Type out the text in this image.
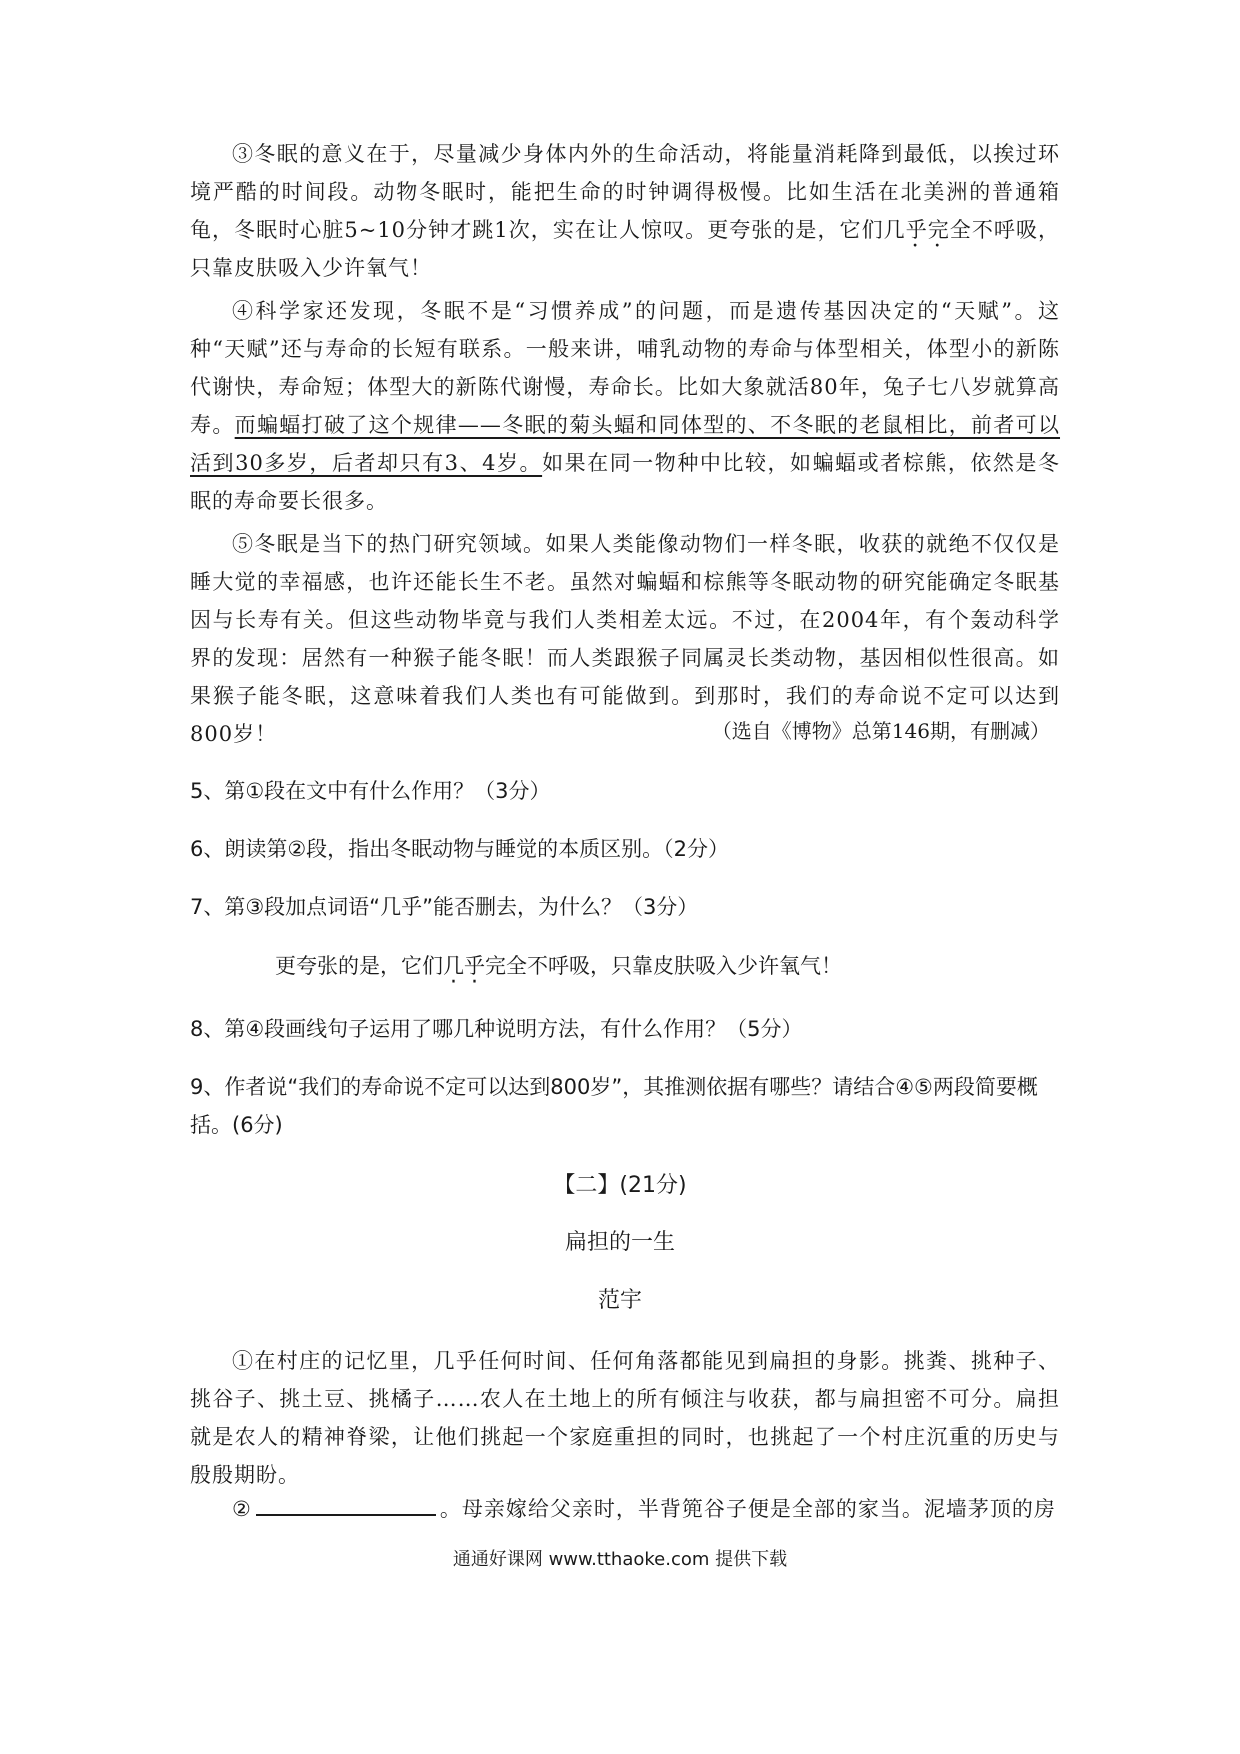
③冬眠的意义在于，尽量减少身体内外的生命活动，将能量消耗降到最低，以挨过环境严酷的时间段。动物冬眠时，能把生命的时钟调得极慢。比如生活在北美洲的普通箱龟，冬眠时心脏5~10分钟才跳1次，实在让人惊叹。更夸张的是，它们几乎完全不呼吸，只靠皮肤吸入少许氧气！

④科学家还发现，冬眠不是“习惯养成”的问题，而是遗传基因决定的“天赋”。这种“天赋”还与寿命的长短有联系。一般来讲，哺乳动物的寿命与体型相关，体型小的新陈代谢快，寿命短；体型大的新陈代谢慢，寿命长。比如大象就活80年，兔子七八岁就算高寿。而蝙蝠打破了这个规律——冬眠的菊头蝠和同体型的、不冬眠的老鼠相比，前者可以活到30多岁，后者却只有3、4岁。如果在同一物种中比较，如蝙蝠或者棕熊，依然是冬眠的寿命要长很多。

⑤冬眠是当下的热门研究领域。如果人类能像动物们一样冬眠，收获的就绝不仅仅是睡大觉的幸福感，也许还能长生不老。虽然对蝙蝠和棕熊等冬眠动物的研究能确定冬眠基因与长寿有关。但这些动物毕竟与我们人类相差太远。不过，在2004年，有个轰动科学界的发现：居然有一种猴子能冬眠！而人类跟猴子同属灵长类动物，基因相似性很高。如果猴子能冬眠，这意味着我们人类也有可能做到。到那时，我们的寿命说不定可以达到800岁！	（选自《博物》总第146期，有删减）

5、第①段在文中有什么作用？（3分）

6、朗读第②段，指出冬眠动物与睡觉的本质区别。（2分）

7、第③段加点词语“几乎”能否删去，为什么？（3分）

更夸张的是，它们几乎完全不呼吸，只靠皮肤吸入少许氧气！

8、第④段画线句子运用了哪几种说明方法，有什么作用？（5分）

9、作者说“我们的寿命说不定可以达到800岁”，其推测依据有哪些？请结合④⑤两段简要概括。(6分)

【二】(21分)

扁担的一生

范宇

①在村庄的记忆里，几乎任何时间、任何角落都能见到扁担的身影。挑粪、挑种子、挑谷子、挑土豆、挑橘子……农人在土地上的所有倾注与收获，都与扁担密不可分。扁担就是农人的精神脊梁，让他们挑起一个家庭重担的同时，也挑起了一个村庄沉重的历史与殷殷期盼。

②	。母亲嫁给父亲时，半背篼谷子便是全部的家当。泥墙茅顶的房

通通好课网 www.tthaoke.com 提供下载
